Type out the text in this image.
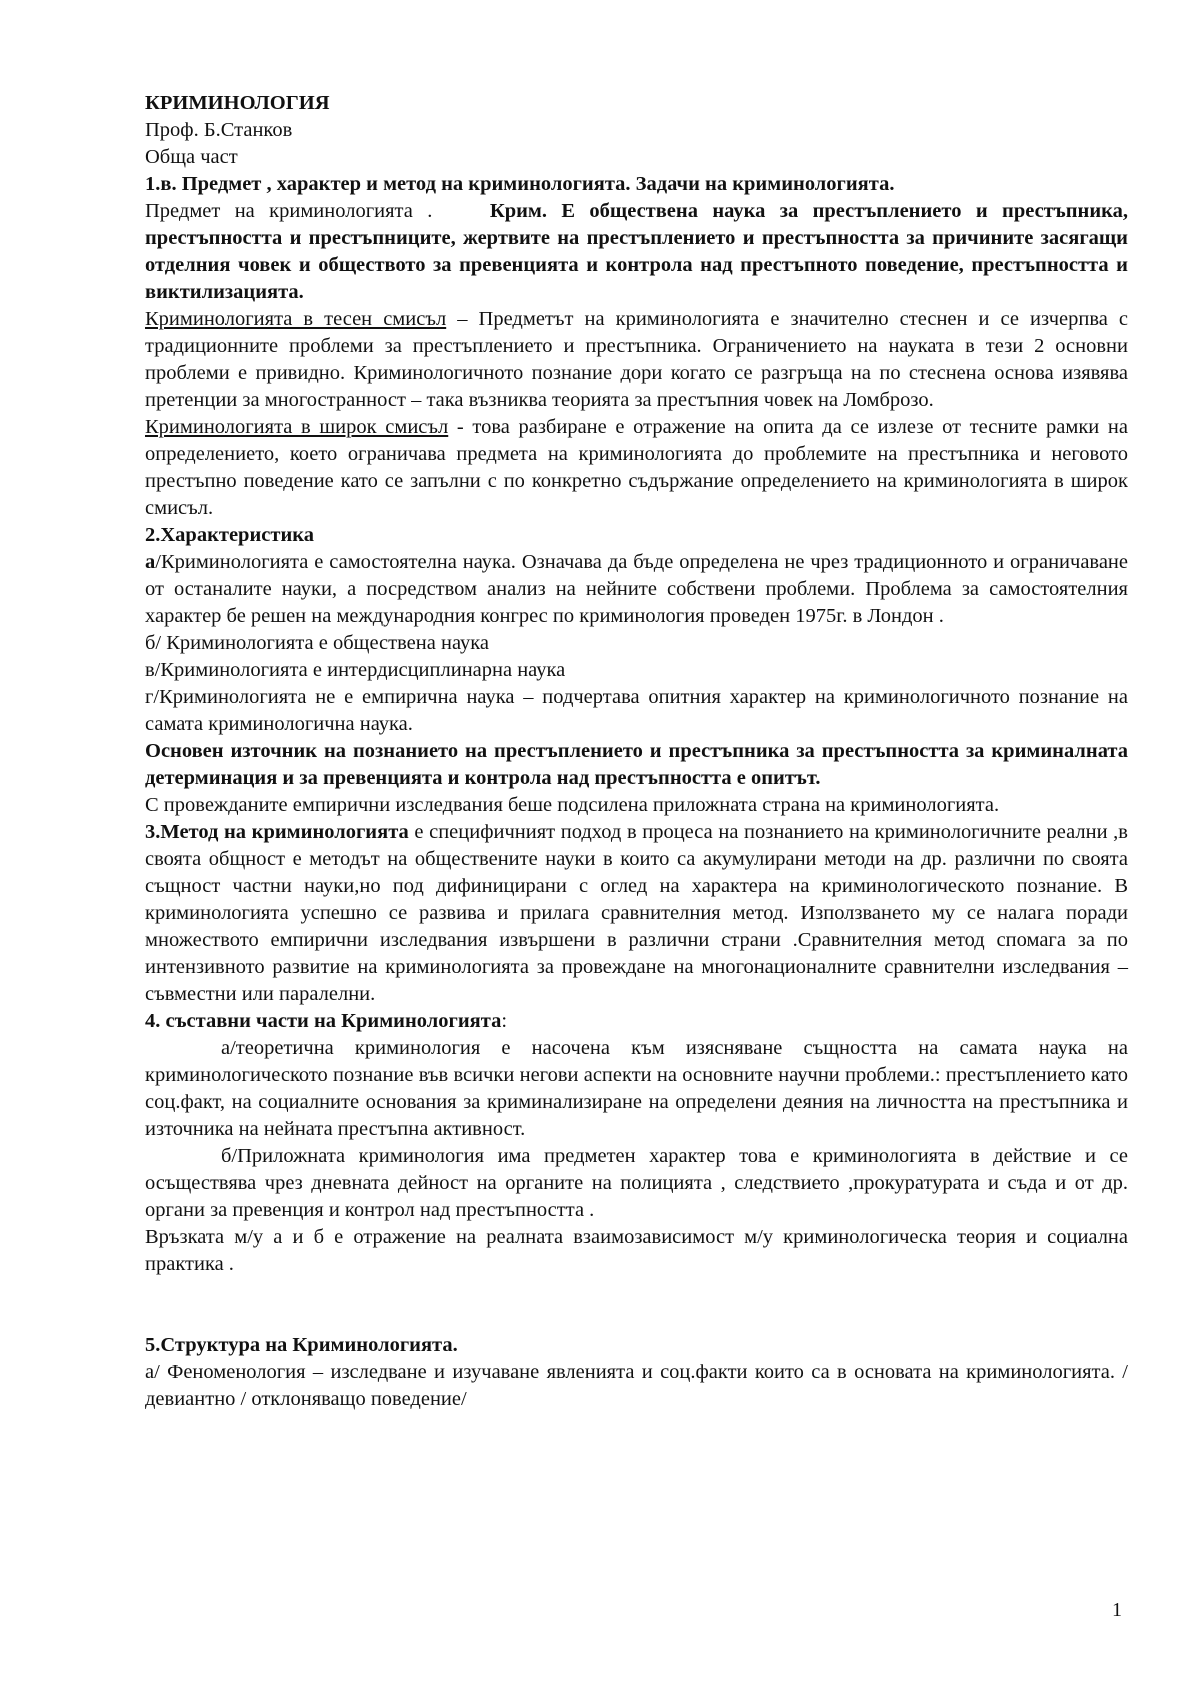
КРИМИНОЛОГИЯ

Проф. Б.Станков

Обща част

1.в. Предмет , характер и метод на криминологията. Задачи на криминологията.

Предмет на криминологията .	Крим. Е обществена наука за престъплението и престъпника, престъпността и престъпниците, жертвите на престъплението и престъпността за причините засягащи отделния човек и обществото за превенцията и контрола над престъпното поведение, престъпността и виктилизацията.

Криминологията в тесен смисъл – Предметът на криминологията е значително стеснен и се изчерпва с традиционните проблеми за престъплението и престъпника. Ограничението на науката в тези 2 основни проблеми е привидно. Криминологичното познание дори когато се разгръща на по стеснена основа изявява претенции за многостранност – така възниква теорията за престъпния човек на Ломброзо.

Криминологията в широк смисъл - това разбиране е отражение на опита да се излезе от тесните рамки на определението, което ограничава предмета на криминологията до проблемите на престъпника и неговото престъпно поведение като се запълни с по конкретно съдържание определението на криминологията в широк смисъл.

2.Характеристика

а/Криминологията е самостоятелна наука. Означава да бъде определена не чрез традиционното и ограничаване от останалите науки, а посредством анализ на нейните собствени проблеми. Проблема за самостоятелния характер бе решен на международния конгрес по криминология проведен 1975г. в Лондон .

б/ Криминологията е обществена наука

в/Криминологията е интердисциплинарна наука

г/Криминологията не е емпирична наука – подчертава опитния характер на криминологичното познание на самата криминологична наука.

Основен източник на познанието на престъплението и престъпника за престъпността за криминалната детерминация и за превенцията и контрола над престъпността е опитът.

С провежданите емпирични изследвания беше подсилена приложната страна на криминологията.

3.Метод на криминологията е специфичният подход в процеса на познанието на криминологичните реални ,в своята общност е методът на обществените науки в които са акумулирани методи на др. различни по своята същност частни науки,но под дифиницирани с оглед на характера на криминологическото познание. В криминологията успешно се развива и прилага сравнителния метод. Използването му се налага поради множеството емпирични изследвания извършени в различни страни .Сравнителния метод спомага за по интензивното развитие на криминологията за провеждане на многонационалните сравнителни изследвания – съвместни или паралелни.

4. съставни части на Криминологията:

а/теоретична криминология е насочена към изясняване същността на самата наука на криминологическото познание във всички негови аспекти на основните научни проблеми.: престъплението като соц.факт, на социалните основания за криминализиране на определени деяния на личността на престъпника и източника на нейната престъпна активност.

б/Приложната криминология има предметен характер това е криминологията в действие и се осъществява чрез дневната дейност на органите на полицията , следствието ,прокуратурата и съда и от др. органи за превенция и контрол над престъпността .

Връзката м/у а и б е отражение на реалната взаимозависимост м/у криминологическа теория и социална практика .

5.Структура на Криминологията.

а/ Феноменология – изследване и изучаване явленията и соц.факти които са в основата на криминологията. / девиантно / отклоняващо поведение/

1
